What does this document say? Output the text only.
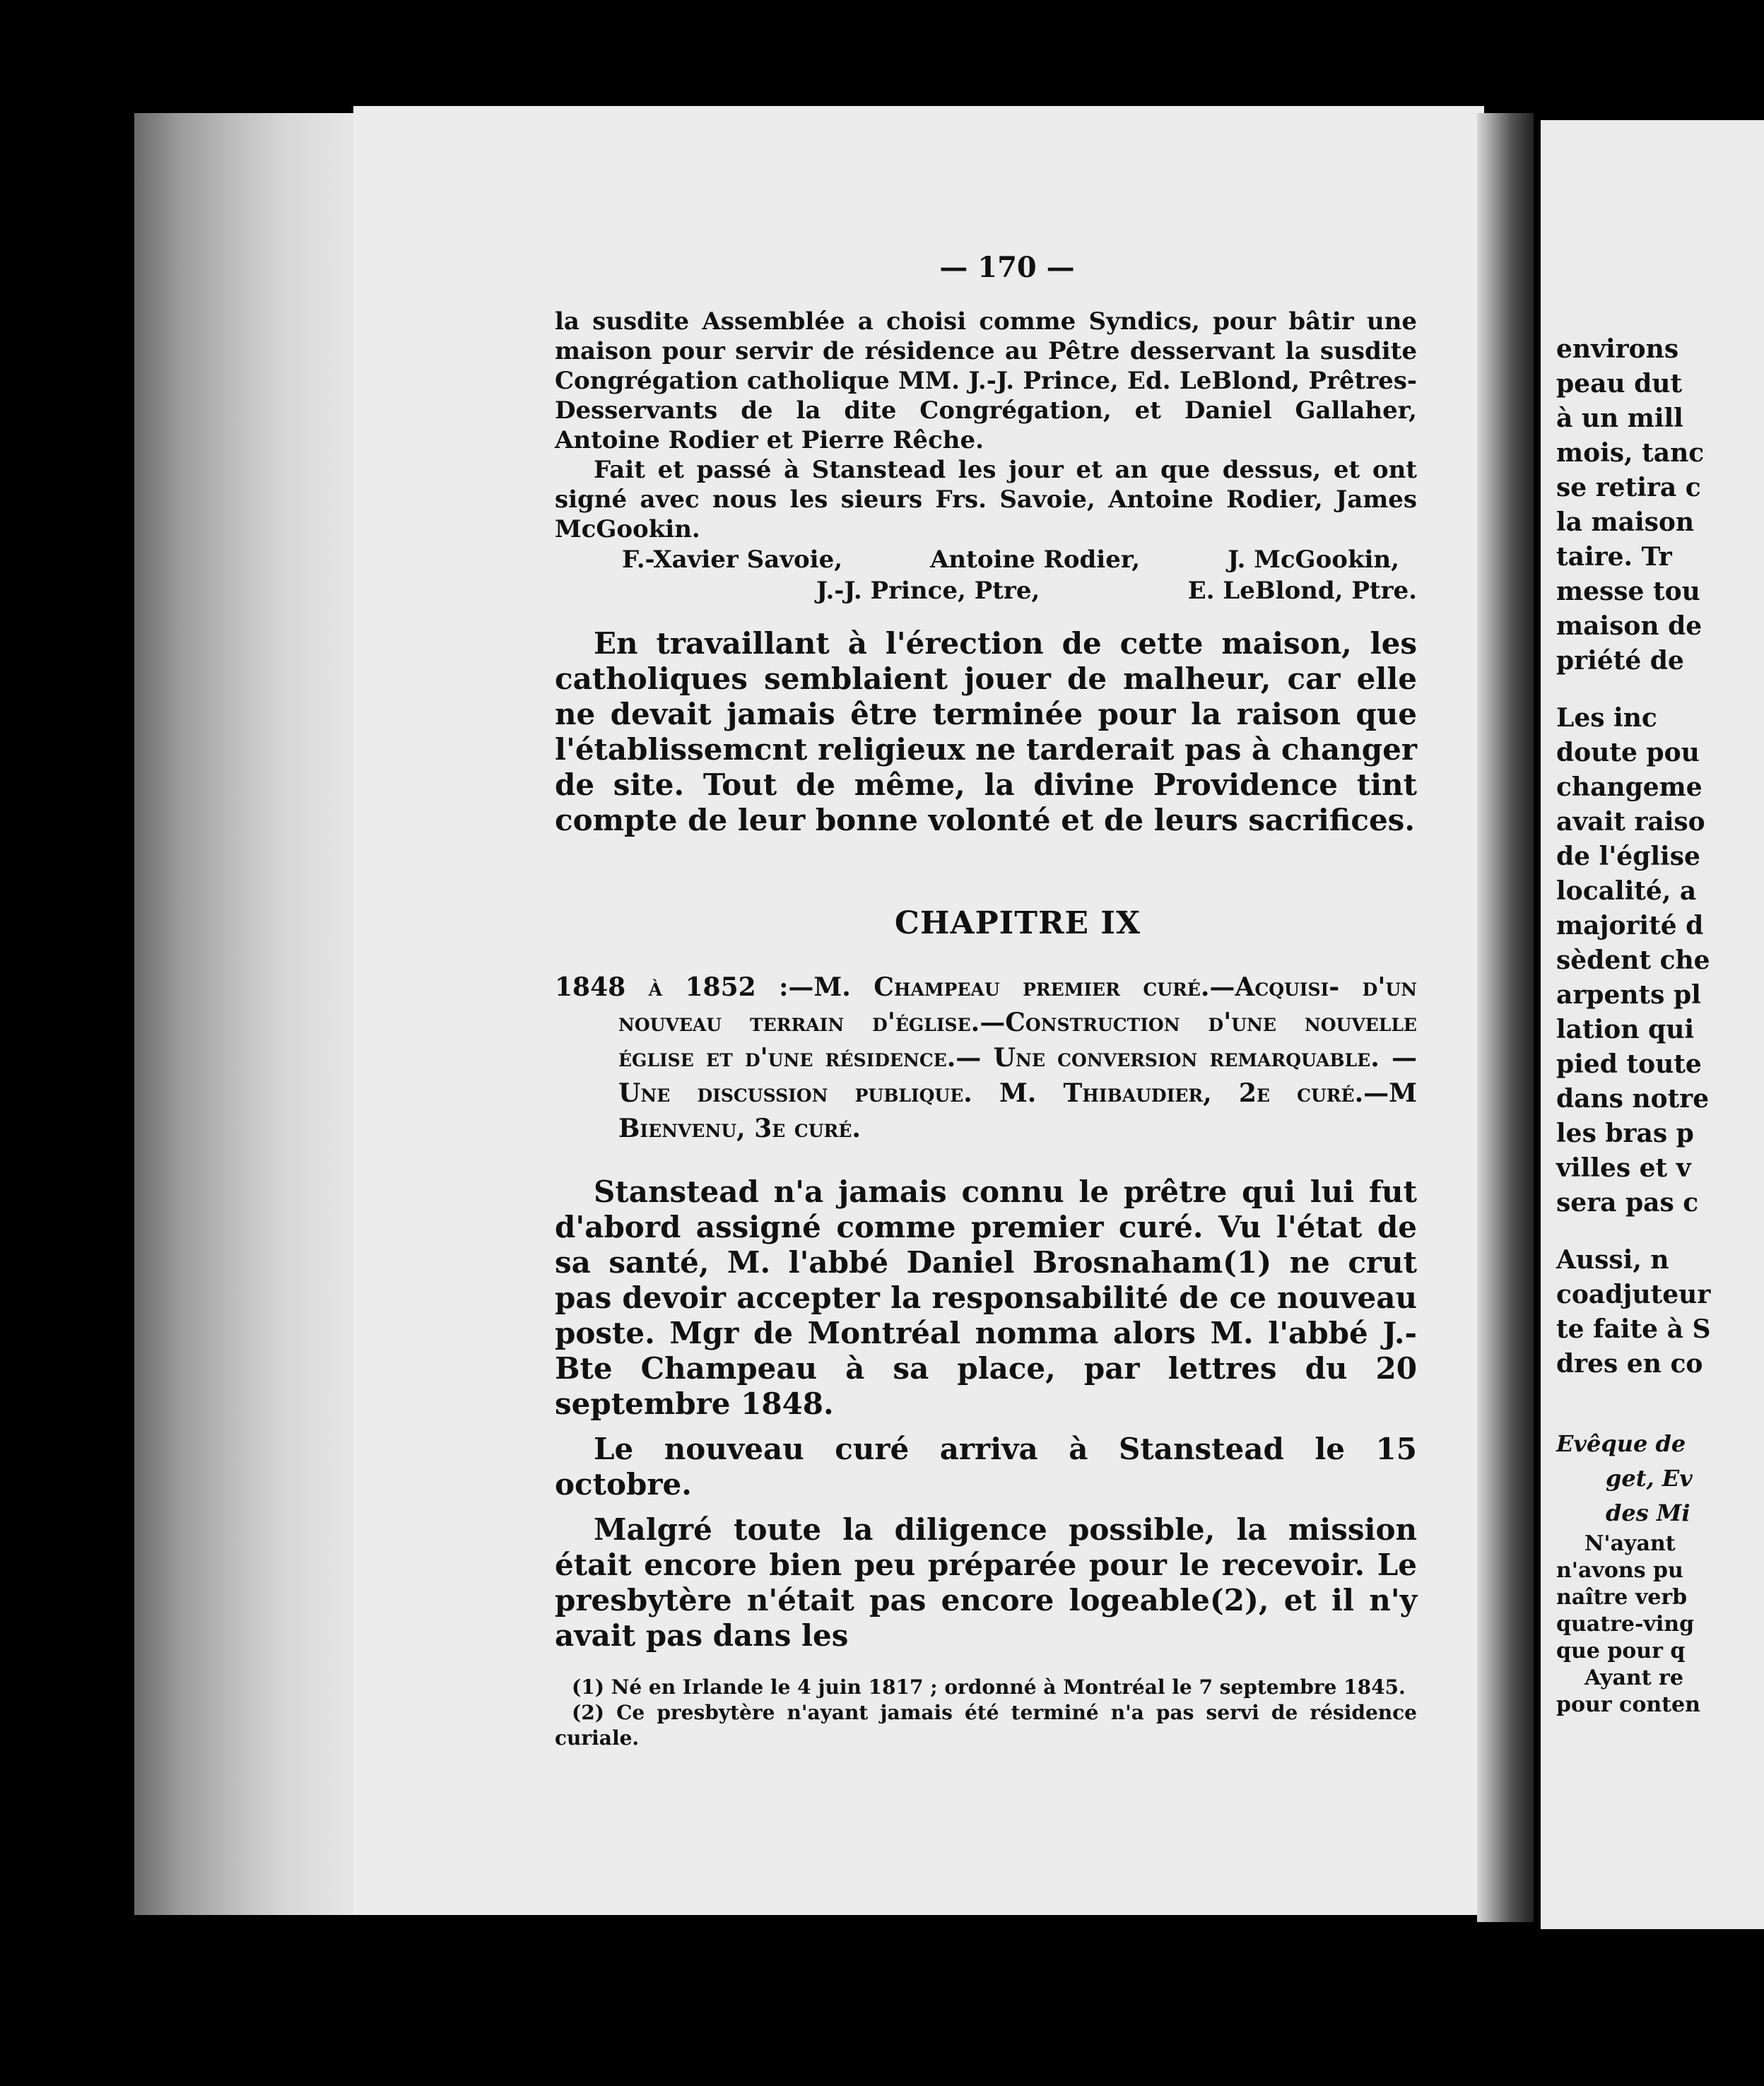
— 170 —

la susdite Assemblée a choisi comme Syndics, pour bâtir une maison pour servir de résidence au Pêtre desservant la susdite Congrégation catholique MM. J.-J. Prince, Ed. LeBlond, Prêtres-Desservants de la dite Congrégation, et Daniel Gallaher, Antoine Rodier et Pierre Rêche.

Fait et passé à Stanstead les jour et an que dessus, et ont signé avec nous les sieurs Frs. Savoie, Antoine Rodier, James McGookin.

F.-Xavier Savoie,	Antoine Rodier,	J. McGookin,
J.-J. Prince, Ptre,	E. LeBlond, Ptre.

En travaillant à l'érection de cette maison, les catholiques semblaient jouer de malheur, car elle ne devait jamais être terminée pour la raison que l'établissemcnt religieux ne tarderait pas à changer de site. Tout de même, la divine Providence tint compte de leur bonne volonté et de leurs sacrifices.

CHAPITRE IX
1848 à 1852 :—M. Champeau premier curé.—Acquisi- d'un nouveau terrain d'église.—Construction d'une nouvelle église et d'une résidence.— Une conversion remarquable. —Une discussion publique. M. Thibaudier, 2e curé.—M Bienvenu, 3e curé.

Stanstead n'a jamais connu le prêtre qui lui fut d'abord assigné comme premier curé. Vu l'état de sa santé, M. l'abbé Daniel Brosnaham(1) ne crut pas devoir accepter la responsabilité de ce nouveau poste. Mgr de Montréal nomma alors M. l'abbé J.-Bte Champeau à sa place, par lettres du 20 septembre 1848.

Le nouveau curé arriva à Stanstead le 15 octobre.

Malgré toute la diligence possible, la mission était encore bien peu préparée pour le recevoir. Le presbytère n'était pas encore logeable(2), et il n'y avait pas dans les

(1) Né en Irlande le 4 juin 1817 ; ordonné à Montréal le 7 septembre 1845.

(2) Ce presbytère n'ayant jamais été terminé n'a pas servi de résidence curiale.

environs
peau dut
à un mill
mois, tanc
se retira c
la maison
taire. Tr
messe tou
maison de
priété de
Les inc
doute pou
changeme
avait raiso
de l'église
localité, a
majorité d
sèdent che
arpents pl
lation qui
pied toute
dans notre
les bras p
villes et v
sera pas c
Aussi, n
coadjuteur
te faite à S
dres en co
Evêque de
get, Ev
des Mi
N'ayant
n'avons pu
naître verb
quatre-ving
que pour q
Ayant re
pour conten
